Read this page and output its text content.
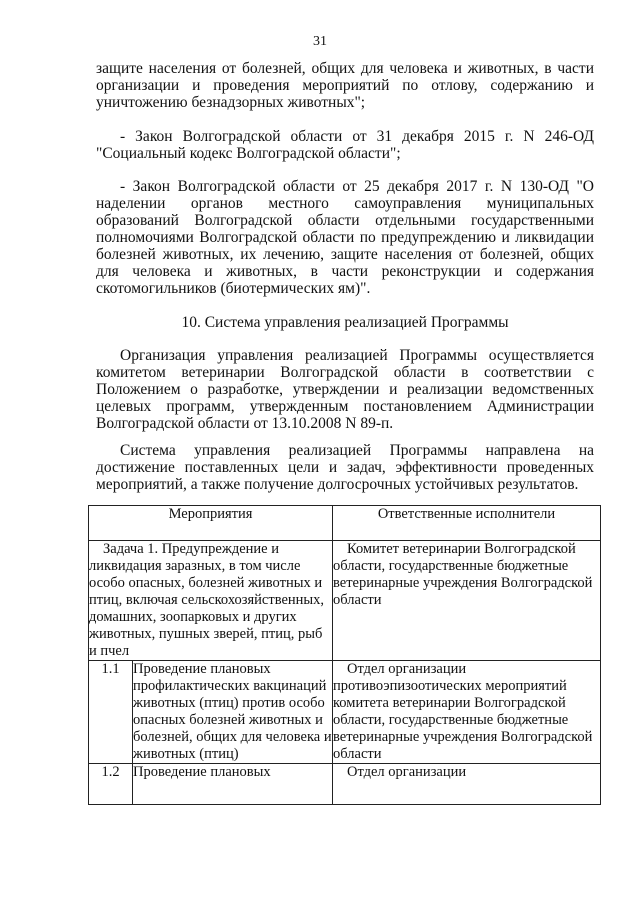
31
защите населения от болезней, общих для человека и животных, в части организации и проведения мероприятий по отлову, содержанию и уничтожению безнадзорных животных";
- Закон Волгоградской области от 31 декабря 2015 г. N 246-ОД "Социальный кодекс Волгоградской области";
- Закон Волгоградской области от 25 декабря 2017 г. N 130-ОД "О наделении органов местного самоуправления муниципальных образований Волгоградской области отдельными государственными полномочиями Волгоградской области по предупреждению и ликвидации болезней животных, их лечению, защите населения от болезней, общих для человека и животных, в части реконструкции и содержания скотомогильников (биотермических ям)".
10. Система управления реализацией Программы
Организация управления реализацией Программы осуществляется комитетом ветеринарии Волгоградской области в соответствии с Положением о разработке, утверждении и реализации ведомственных целевых программ, утвержденным постановлением Администрации Волгоградской области от 13.10.2008 N 89-п.
Система управления реализацией Программы направлена на достижение поставленных цели и задач, эффективности проведенных мероприятий, а также получение долгосрочных устойчивых результатов.
Мероприятия		Ответственные исполнители
Задача 1. Предупреждение и ликвидация заразных, в том числе особо опасных, болезней животных и птиц, включая сельскохозяйственных, домашних, зоопарковых и других животных, пушных зверей, птиц, рыб и пчел		Комитет ветеринарии Волгоградской области, государственные бюджетные ветеринарные учреждения Волгоградской области
1.1	Проведение плановых профилактических вакцинаций животных (птиц) против особо опасных болезней животных и болезней, общих для человека и животных (птиц)	Отдел организации противоэпизоотических мероприятий комитета ветеринарии Волгоградской области, государственные бюджетные ветеринарные учреждения Волгоградской области
1.2	Проведение плановых	Отдел организации
